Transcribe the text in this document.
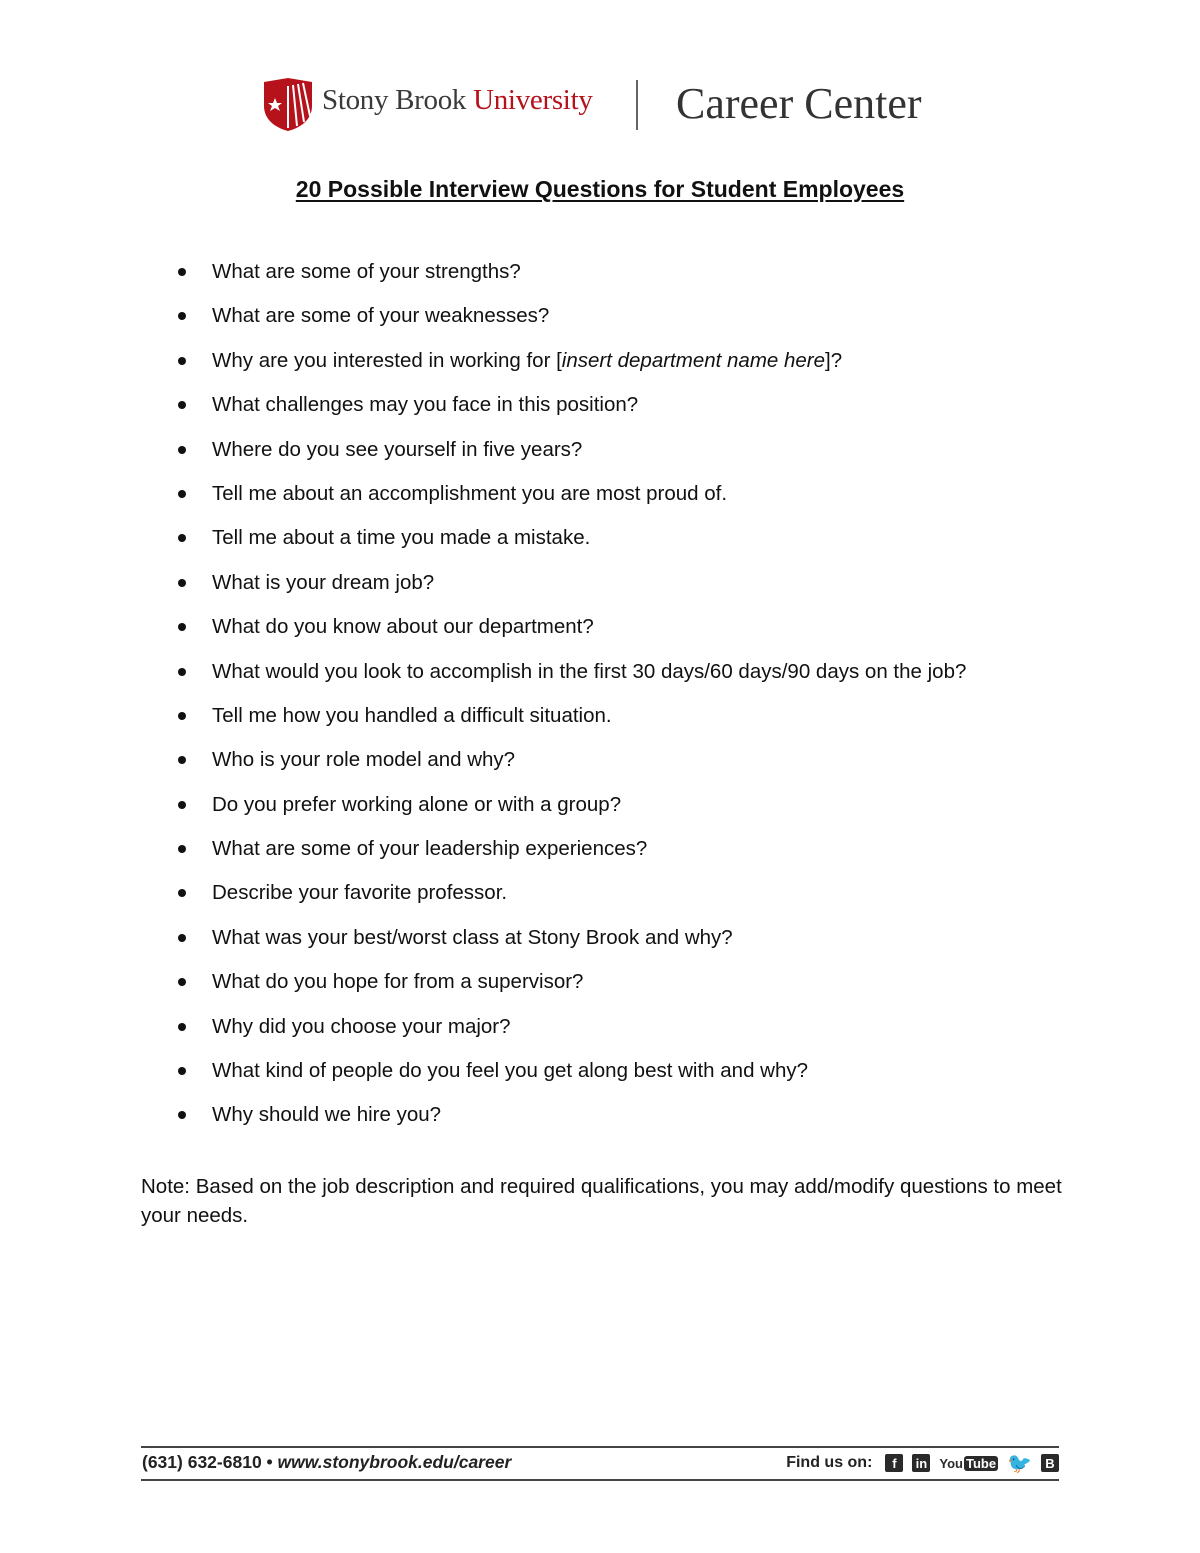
Stony Brook University Career Center
20 Possible Interview Questions for Student Employees
What are some of your strengths?
What are some of your weaknesses?
Why are you interested in working for [insert department name here]?
What challenges may you face in this position?
Where do you see yourself in five years?
Tell me about an accomplishment you are most proud of.
Tell me about a time you made a mistake.
What is your dream job?
What do you know about our department?
What would you look to accomplish in the first 30 days/60 days/90 days on the job?
Tell me how you handled a difficult situation.
Who is your role model and why?
Do you prefer working alone or with a group?
What are some of your leadership experiences?
Describe your favorite professor.
What was your best/worst class at Stony Brook and why?
What do you hope for from a supervisor?
Why did you choose your major?
What kind of people do you feel you get along best with and why?
Why should we hire you?
Note: Based on the job description and required qualifications, you may add/modify questions to meet your needs.
(631) 632-6810 • www.stonybrook.edu/career	Find us on:	f	in You Tube 🐦	B
